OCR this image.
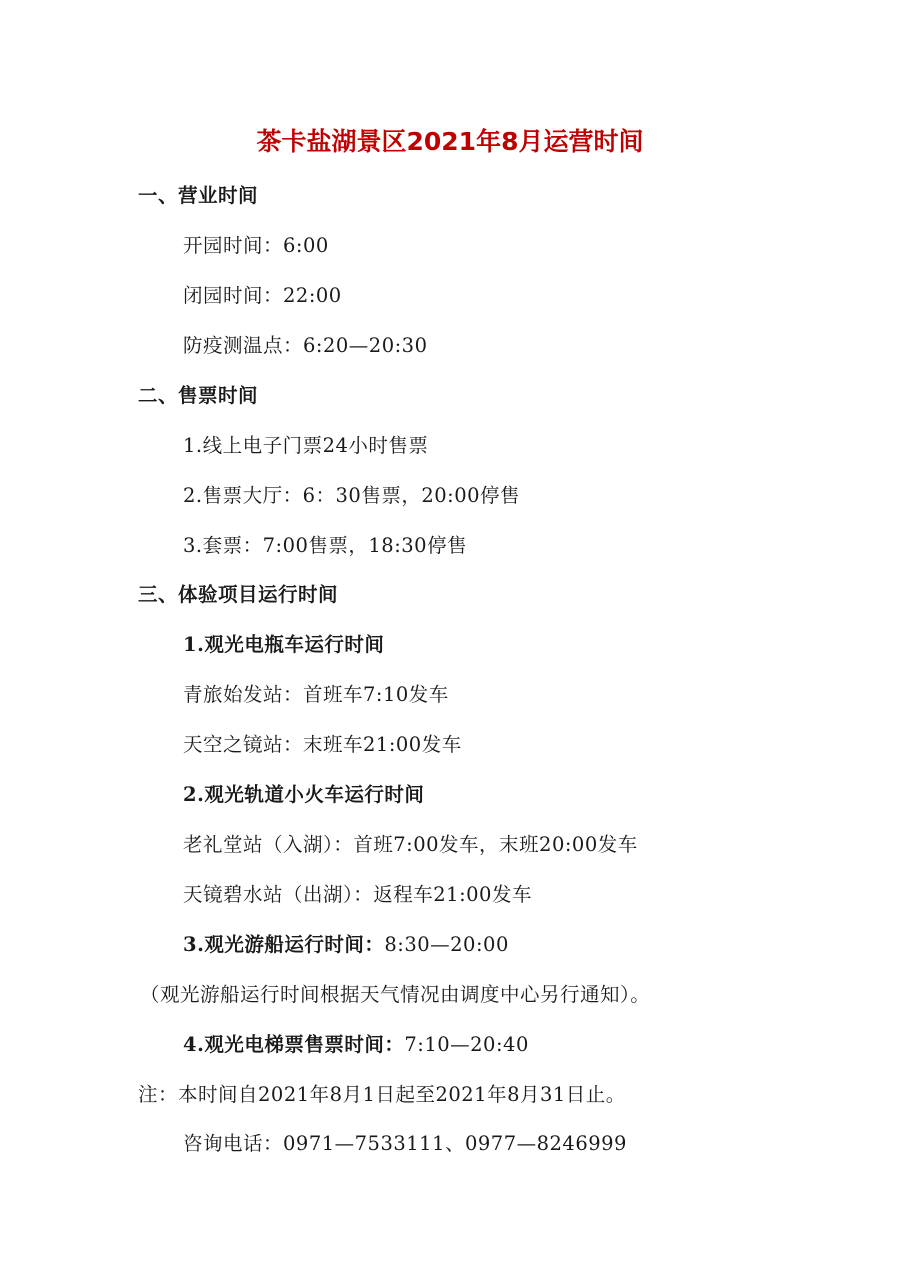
茶卡盐湖景区2021年8月运营时间
一、营业时间
开园时间：6:00
闭园时间：22:00
防疫测温点：6:20—20:30
二、售票时间
1.线上电子门票24小时售票
2.售票大厅：6：30售票，20:00停售
3.套票：7:00售票，18:30停售
三、体验项目运行时间
1.观光电瓶车运行时间
青旅始发站：首班车7:10发车
天空之镜站：末班车21:00发车
2.观光轨道小火车运行时间
老礼堂站（入湖）：首班7:00发车，末班20:00发车
天镜碧水站（出湖）：返程车21:00发车
3.观光游船运行时间：8:30—20:00
（观光游船运行时间根据天气情况由调度中心另行通知）。
4.观光电梯票售票时间：7:10—20:40
注：本时间自2021年8月1日起至2021年8月31日止。
咨询电话：0971—7533111、0977—8246999
